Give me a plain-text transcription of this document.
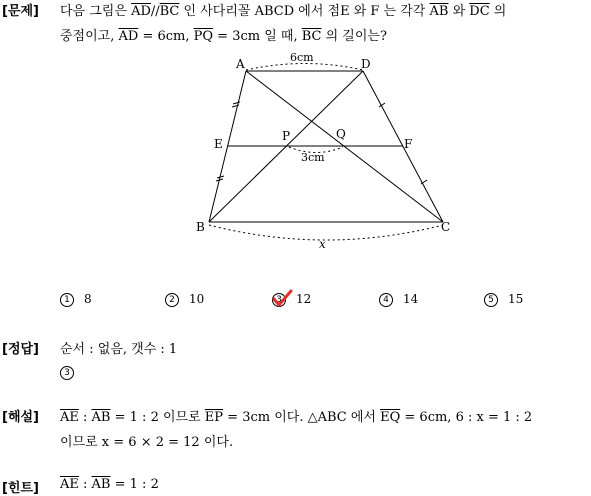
[문제] 다음 그림은 $\overline{AD}//\overline{BC}$ 인 사다리꼴 ABCD 에서 점E 와 F 는 각각 $\overline{AB}$ 와 $\overline{DC}$ 의
중점이고, $\overline{AD} = 6cm$, $\overline{PQ} = 3cm$ 일 때, $\overline{BC}$ 의 길이는?
A	D
E
P	Q
F
B	C
6cm
3cm
x
1 8	2 10	3 12	4 14	5 15
[정답] 순서 : 없음, 갯수 : 1
3
[해설] $\overline{AE}$ : $\overline{AB} = 1$ : 2 이므로 $\overline{EP} = 3cm$ 이다. △ABC 에서 $\overline{EQ} = 6cm$, 6 : x = 1 : 2
이므로 x = 6 × 2 = 12 이다.
[힌트] $\overline{AE}$ : $\overline{AB} = 1$ : 2
